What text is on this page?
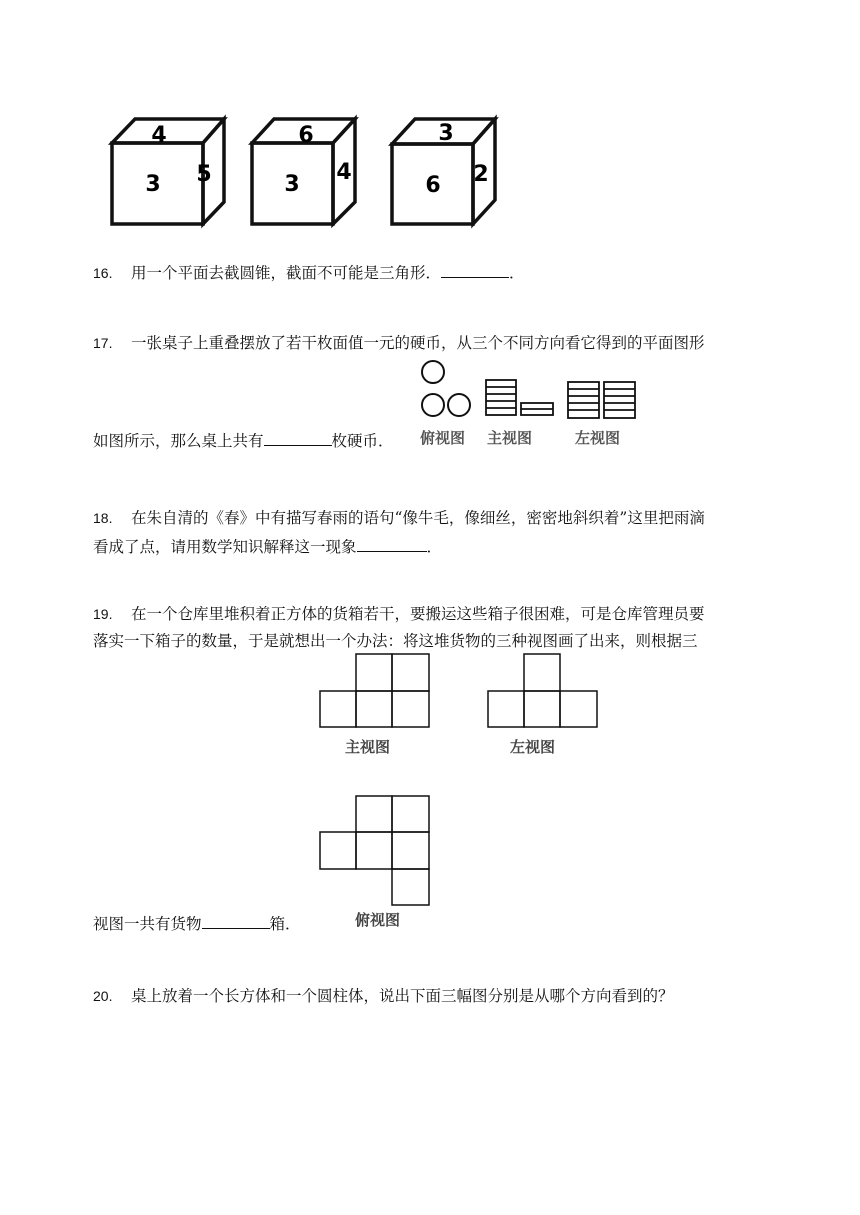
4
3 5
6
3 4
3
6 2
16. 用一个平面去截圆锥，截面不可能是三角形．	．
17. 一张桌子上重叠摆放了若干枚面值一元的硬币，从三个不同方向看它得到的平面图形
如图所示，那么桌上共有	枚硬币． 俯视图 主视图	左视图
18. 在朱自清的《春》中有描写春雨的语句“像牛毛，像细丝，密密地斜织着”这里把雨滴
看成了点，请用数学知识解释这一现象	．
19. 在一个仓库里堆积着正方体的货箱若干，要搬运这些箱子很困难，可是仓库管理员要
落实一下箱子的数量，于是就想出一个办法：将这堆货物的三种视图画了出来，则根据三
主视图	左视图
俯视图
视图一共有货物	箱．
20. 桌上放着一个长方体和一个圆柱体，说出下面三幅图分别是从哪个方向看到的？
